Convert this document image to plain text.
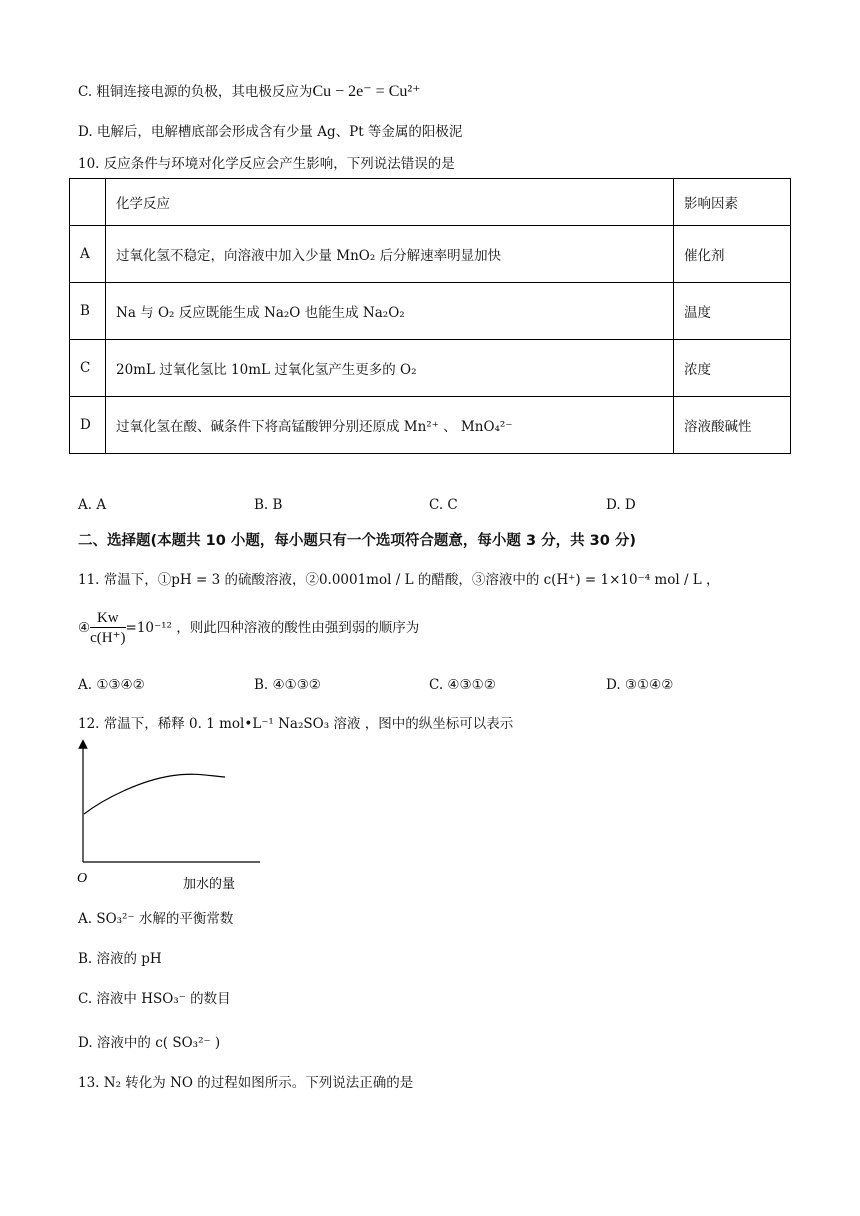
C. 粗铜连接电源的负极，其电极反应为Cu − 2e⁻ = Cu²⁺
D. 电解后，电解槽底部会形成含有少量 Ag、Pt 等金属的阳极泥
10. 反应条件与环境对化学反应会产生影响，下列说法错误的是
	化学反应	影响因素
A	过氧化氢不稳定，向溶液中加入少量 MnO₂ 后分解速率明显加快	催化剂
B	Na 与 O₂ 反应既能生成 Na₂O 也能生成 Na₂O₂	温度
C	20mL 过氧化氢比 10mL 过氧化氢产生更多的 O₂	浓度
D	过氧化氢在酸、碱条件下将高锰酸钾分别还原成 Mn²⁺ 、 MnO₄²⁻	溶液酸碱性
A. A	B. B	C. C	D. D
二、选择题(本题共 10 小题，每小题只有一个选项符合题意，每小题 3 分，共 30 分)
11. 常温下，①pH = 3 的硫酸溶液，②0.0001mol / L 的醋酸，③溶液中的 c(H⁺) = 1×10⁻⁴ mol / L ，
④ $\frac{Kw}{c(H^+)} =10^{-12}$ ，则此四种溶液的酸性由强到弱的顺序为
A. ①③④②	B. ④①③②	C. ④③①②	D. ③①④②
12. 常温下，稀释 0. 1 mol•L⁻¹ Na₂SO₃ 溶液 ，图中的纵坐标可以表示
O	加水的量
A. SO₃²⁻ 水解的平衡常数
B. 溶液的 pH
C. 溶液中 HSO₃⁻ 的数目
D. 溶液中的 c( SO₃²⁻ )
13. N₂ 转化为 NO 的过程如图所示。下列说法正确的是
